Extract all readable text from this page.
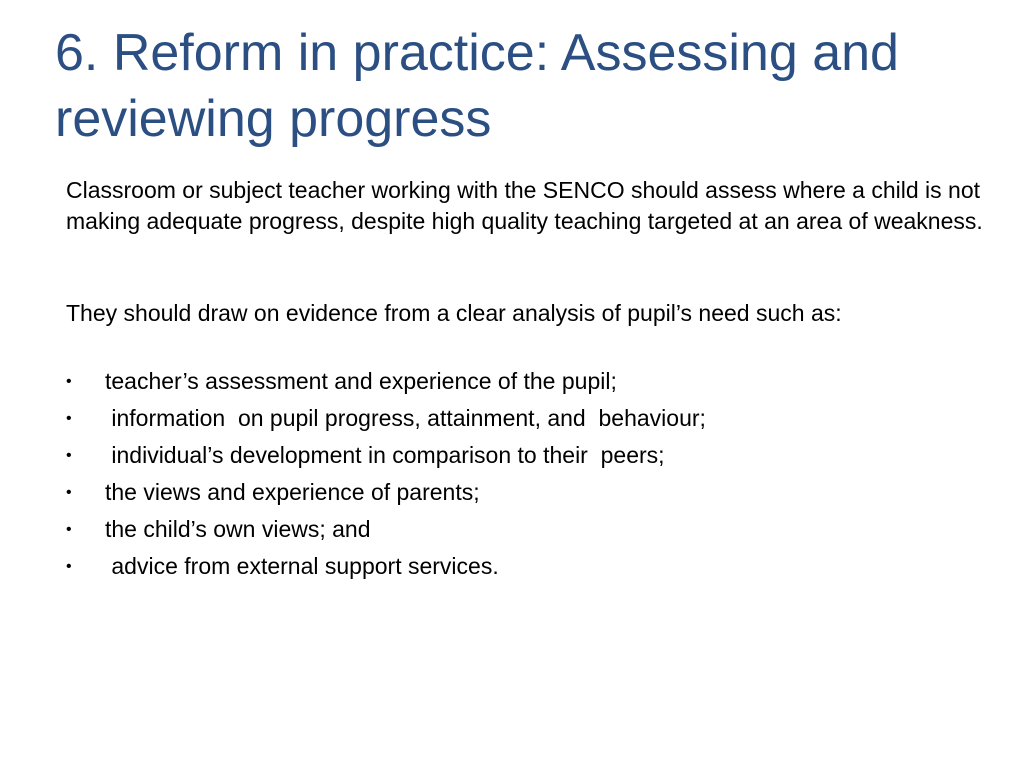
6. Reform in practice: Assessing and reviewing progress

Classroom or subject teacher working with the SENCO should assess where a child is not making adequate progress, despite high quality teaching targeted at an area of weakness.

They should draw on evidence from a clear analysis of pupil’s need such as:

•

teacher’s assessment and experience of the pupil;

•

information  on pupil progress, attainment, and  behaviour;

•

individual’s development in comparison to their  peers;

•

the views and experience of parents;

•

the child’s own views; and

•

advice from external support services.
